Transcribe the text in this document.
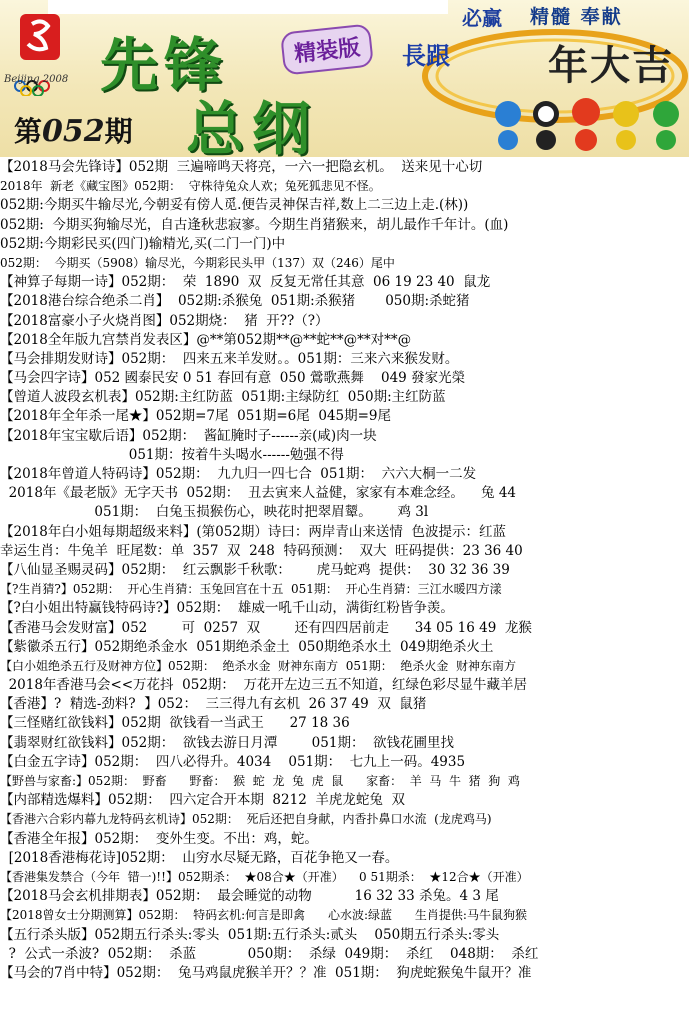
Beijing 2008
必赢 精髓 奉献
先锋
总纲
精装版
第052期
長跟 年大吉
【2018马会先锋诗】052期  三遍啼鸣天将亮，一六一把隐玄机。  送来见十心切
2018年  新老《藏宝图》052期：  守株待兔众人欢；兔死狐悲见不怪。
052期:今期买牛输尽光,今朝妥有傍人觅.便告灵神保吉祥,数上二三边上走.(林))
052期:  今期买狗输尽光，自古逢秋悲寂寥。今期生肖猪猴来，胡儿最作千年计。(血)
052期:今期彩民买(四门)输精光,买(二门一门)中
052期：  今期买（5908）输尽光，今期彩民头甲（137）双（246）尾中
【神算子每期一诗】052期：  荣  1890  双  反复无常任其意  06 19 23 40  鼠龙
【2018港台综合绝杀二肖】  052期:杀猴兔  051期:杀猴猪       050期:杀蛇猪
【2018富豪小子火烧肖图】052期烧：  猪  开??（?）
【2018全年版九宫禁肖发表区】@**第052期**@**蛇**@**对**@
【马会排期发财诗】052期：  四来五来羊发财。。051期：三来六来猴发财。
【马会四字诗】052 國泰民安 0 51 春回有意  050 鶯歌燕舞    049 發家光榮
【曾道人波段玄机表】052期:主红防蓝  051期:主绿防红  050期:主红防蓝
【2018年全年杀一尾★】052期=7尾  051期=6尾  045期=9尾
【2018年宝宝歇后语】052期：  酱缸腌时子------亲(咸)肉一块
051期：按着牛头喝水------勉强不得
【2018年曾道人特码诗】052期：  九九归一四七合  051期：  六六大桐一二发
2018年《最老版》无字天书  052期：  丑去寅来人益健，家家有本难念经。    兔 44
051期：  白兔玉损猴伤心，映花时把翠眉颦。      鸡 3l
【2018年白小姐每期超级来料】(第052期）诗曰：两岸青山来送情  色波提示：红蓝
幸运生肖：牛兔羊  旺尾数：单  357  双  248  特码预测：  双大  旺码提供：23 36 40
【八仙显圣赐灵码】052期：  红云飘影千秋歌：      虎马蛇鸡  提供：  30 32 36 39
【?生肖猜?】052期：  开心生肖猜：玉兔回宫在十五  051期：  开心生肖猜：三江水暖四方漾
【?白小姐出特赢钱特码诗?】052期：  雄威一吼千山动，满街红粉皆争羡。
【香港马会发财富】052        可  0257  双        还有四四居前走      34 05 16 49  龙猴
【紫徽杀五行】052期绝杀金水  051期绝杀金土  050期绝杀水土  049期绝杀火土
【白小姐绝杀五行及财神方位】052期：  绝杀水金  财神东南方  051期：  绝杀火金  财神东南方
2018年香港马会<<万花抖  052期：  万花开左边三五不知道，红绿色彩尽显牛藏羊居
【香港】?  精选-劲料?  】052：  三三得九有玄机  26 37 49  双  鼠猪
【三怪赌红欲钱料】052期  欲钱看一当武王      27 18 36
【翡翠财红欲钱料】052期：  欲钱去游日月潭        051期：  欲钱花圃里找
【白金五字诗】052期：  四八必得升。4034    051期：  七九上一码。4935
【野兽与家畜:】052期：  野畜      野畜：  猴  蛇  龙  兔  虎  鼠      家畜：  羊  马  牛  猪  狗  鸡
【内部精选爆料】052期：  四六定合开本期  8212  羊虎龙蛇兔  双
【香港六合彩内幕九龙特码玄机诗】052期：  死后还把自身献，内香扑鼻口水流  (龙虎鸡马)
【香港全年报】052期：  变外生变。不出：鸡，蛇。
[2018香港梅花诗]052期：  山穷水尽疑无路，百花争艳又一春。
【香港集发禁合（今年  错一)!!】052期杀：  ★08合★（开准）    0 51期杀：  ★12合★（开准）
【2018马会玄机排期表】052期：  最会睡觉的动物          16 32 33 杀兔。4 3 尾
【2018曾女士分期测算】052期：  特码玄机:何言是即禽      心水波:绿蓝      生肖提供:马牛鼠狗猴
【五行杀头版】052期五行杀头:零头  051期:五行杀头:贰头    050期五行杀头:零头
?  公式一杀波?  052期：  杀蓝            050期：  杀绿  049期：  杀红    048期：  杀红
【马会的7肖中特】052期：  兔马鸡鼠虎猴羊开？？准  051期：  狗虎蛇猴兔牛鼠开？准
